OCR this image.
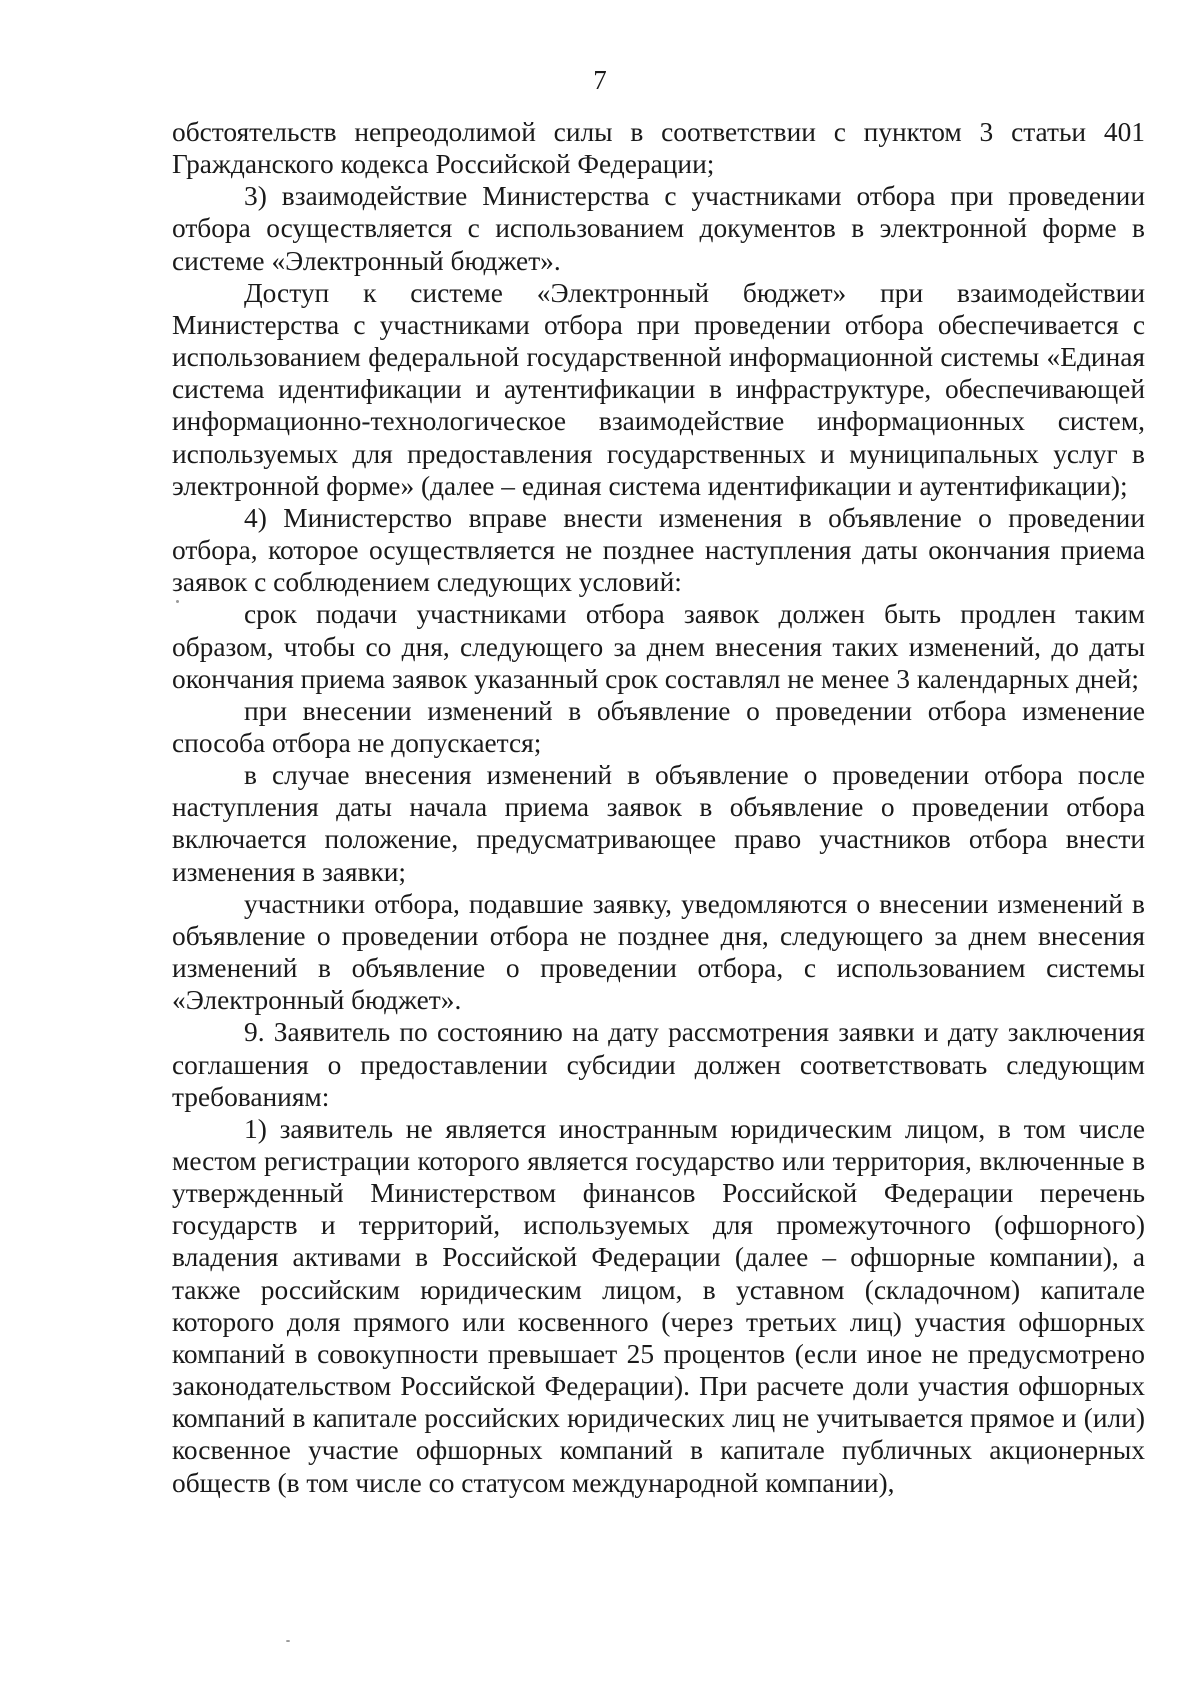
7

обстоятельств непреодолимой силы в соответствии с пунктом 3 статьи 401 Гражданского кодекса Российской Федерации;

3) взаимодействие Министерства с участниками отбора при проведении отбора осуществляется с использованием документов в электронной форме в системе «Электронный бюджет».

Доступ к системе «Электронный бюджет» при взаимодействии Министерства с участниками отбора при проведении отбора обеспечивается с использованием федеральной государственной информационной системы «Единая система идентификации и аутентификации в инфраструктуре, обеспечивающей информационно-технологическое взаимодействие информационных систем, используемых для предоставления государственных и муниципальных услуг в электронной форме» (далее – единая система идентификации и аутентификации);

4) Министерство вправе внести изменения в объявление о проведении отбора, которое осуществляется не позднее наступления даты окончания приема заявок с соблюдением следующих условий:

срок подачи участниками отбора заявок должен быть продлен таким образом, чтобы со дня, следующего за днем внесения таких изменений, до даты окончания приема заявок указанный срок составлял не менее 3 календарных дней;

при внесении изменений в объявление о проведении отбора изменение способа отбора не допускается;

в случае внесения изменений в объявление о проведении отбора после наступления даты начала приема заявок в объявление о проведении отбора включается положение, предусматривающее право участников отбора внести изменения в заявки;

участники отбора, подавшие заявку, уведомляются о внесении изменений в объявление о проведении отбора не позднее дня, следующего за днем внесения изменений в объявление о проведении отбора, с использованием системы «Электронный бюджет».

9. Заявитель по состоянию на дату рассмотрения заявки и дату заключения соглашения о предоставлении субсидии должен соответствовать следующим требованиям:

1) заявитель не является иностранным юридическим лицом, в том числе местом регистрации которого является государство или территория, включенные в утвержденный Министерством финансов Российской Федерации перечень государств и территорий, используемых для промежуточного (офшорного) владения активами в Российской Федерации (далее – офшорные компании), а также российским юридическим лицом, в уставном (складочном) капитале которого доля прямого или косвенного (через третьих лиц) участия офшорных компаний в совокупности превышает 25 процентов (если иное не предусмотрено законодательством Российской Федерации). При расчете доли участия офшорных компаний в капитале российских юридических лиц не учитывается прямое и (или) косвенное участие офшорных компаний в капитале публичных акционерных обществ (в том числе со статусом международной компании),
